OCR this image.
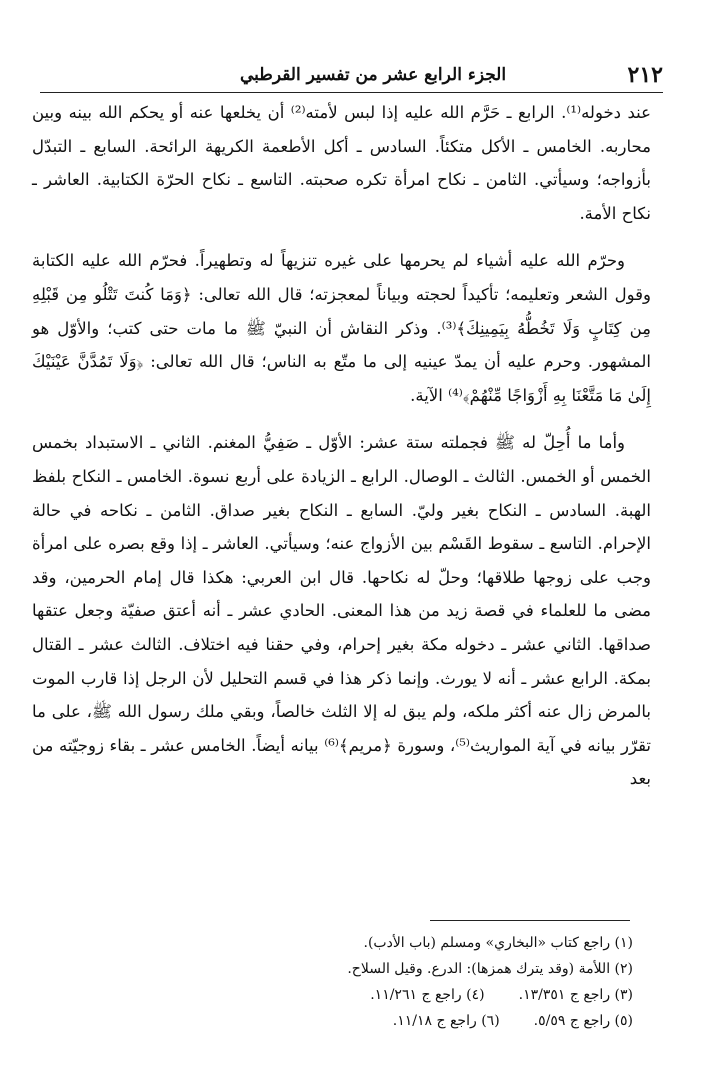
٢١٢
الجزء الرابع عشر من تفسير القرطبي

عند دخوله⁽¹⁾. الرابع ـ حَرَّم الله عليه إذا لبس لأمته⁽²⁾ أن يخلعها عنه أو يحكم الله بينه وبين محاربه. الخامس ـ الأكل متكئاً. السادس ـ أكل الأطعمة الكريهة الرائحة. السابع ـ التبدّل بأزواجه؛ وسيأتي. الثامن ـ نكاح امرأة تكره صحبته. التاسع ـ نكاح الحرّة الكتابية. العاشر ـ نكاح الأمة.

وحرّم الله عليه أشياء لم يحرمها على غيره تنزيهاً له وتطهيراً. فحرّم الله عليه الكتابة وقول الشعر وتعليمه؛ تأكيداً لحجته وبياناً لمعجزته؛ قال الله تعالى: ﴿وَمَا كُنتَ تَتْلُو مِن قَبْلِهِ مِن كِتَابٍ وَلَا تَخُطُّهُ بِيَمِينِكَ﴾⁽³⁾. وذكر النقاش أن النبيّ ﷺ ما مات حتى كتب؛ والأوّل هو المشهور. وحرم عليه أن يمدّ عينيه إلى ما متّع به الناس؛ قال الله تعالى: ﴿وَلَا تَمُدَّنَّ عَيْنَيْكَ إِلَىٰ مَا مَتَّعْنَا بِهِ أَزْوَاجًا مِّنْهُمْ﴾⁽⁴⁾ الآية.

وأما ما أُحِلّ له ﷺ فجملته ستة عشر: الأوّل ـ صَفِيُّ المغنم. الثاني ـ الاستبداد بخمس الخمس أو الخمس. الثالث ـ الوصال. الرابع ـ الزيادة على أربع نسوة. الخامس ـ النكاح بلفظ الهبة. السادس ـ النكاح بغير وليّ. السابع ـ النكاح بغير صداق. الثامن ـ نكاحه في حالة الإحرام. التاسع ـ سقوط القَسْم بين الأزواج عنه؛ وسيأتي. العاشر ـ إذا وقع بصره على امرأة وجب على زوجها طلاقها؛ وحلّ له نكاحها. قال ابن العربي: هكذا قال إمام الحرمين، وقد مضى ما للعلماء في قصة زيد من هذا المعنى. الحادي عشر ـ أنه أعتق صفيّة وجعل عتقها صداقها. الثاني عشر ـ دخوله مكة بغير إحرام، وفي حقنا فيه اختلاف. الثالث عشر ـ القتال بمكة. الرابع عشر ـ أنه لا يورث. وإنما ذكر هذا في قسم التحليل لأن الرجل إذا قارب الموت بالمرض زال عنه أكثر ملكه، ولم يبق له إلا الثلث خالصاً، وبقي ملك رسول الله ﷺ، على ما تقرّر بيانه في آية المواريث⁽⁵⁾، وسورة ﴿مريم﴾⁽⁶⁾ بيانه أيضاً. الخامس عشر ـ بقاء زوجيّته من بعد

(١) راجع كتاب «البخاري» ومسلم (باب الأدب).
(٢) اللأمة (وقد يترك همزها): الدرع. وقيل السلاح.
(٣) راجع ج ١٣/٣٥١.
(٤) راجع ج ١١/٢٦١.
(٥) راجع ج ٥/٥٩.
(٦) راجع ج ١١/١٨.
